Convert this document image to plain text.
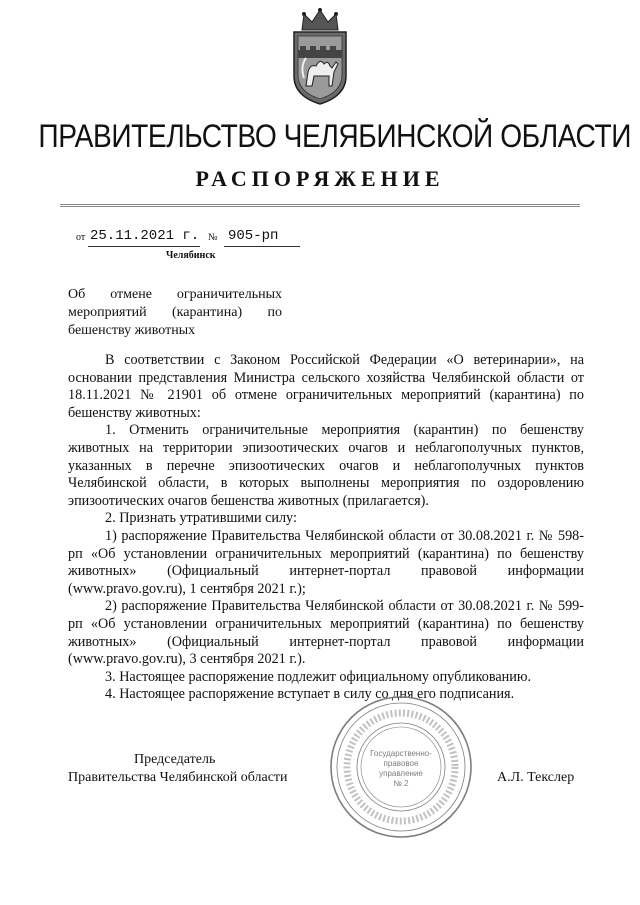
ПРАВИТЕЛЬСТВО ЧЕЛЯБИНСКОЙ ОБЛАСТИ
РАСПОРЯЖЕНИЕ
от 25.11.2021 г. № 905-рп
Челябинск

Об отмене ограничительных мероприятий (карантина) по бешенству животных

В соответствии с Законом Российской Федерации «О ветеринарии», на основании представления Министра сельского хозяйства Челябинской области от 18.11.2021 № 21901 об отмене ограничительных мероприятий (карантина) по бешенству животных:

1. Отменить ограничительные мероприятия (карантин) по бешенству животных на территории эпизоотических очагов и неблагополучных пунктов, указанных в перечне эпизоотических очагов и неблагополучных пунктов Челябинской области, в которых выполнены мероприятия по оздоровлению эпизоотических очагов бешенства животных (прилагается).

2. Признать утратившими силу:

1) распоряжение Правительства Челябинской области от 30.08.2021 г. № 598-рп «Об установлении ограничительных мероприятий (карантина) по бешенству животных» (Официальный интернет-портал правовой информации (www.pravo.gov.ru), 1 сентября 2021 г.);

2) распоряжение Правительства Челябинской области от 30.08.2021 г. № 599-рп «Об установлении ограничительных мероприятий (карантина) по бешенству животных» (Официальный интернет-портал правовой информации (www.pravo.gov.ru), 3 сентября 2021 г.).

3. Настоящее распоряжение подлежит официальному опубликованию.

4. Настоящее распоряжение вступает в силу со дня его подписания.

Государственно-
правовое
управление
№ 2
Председатель
Правительства Челябинской области	А.Л. Текслер
